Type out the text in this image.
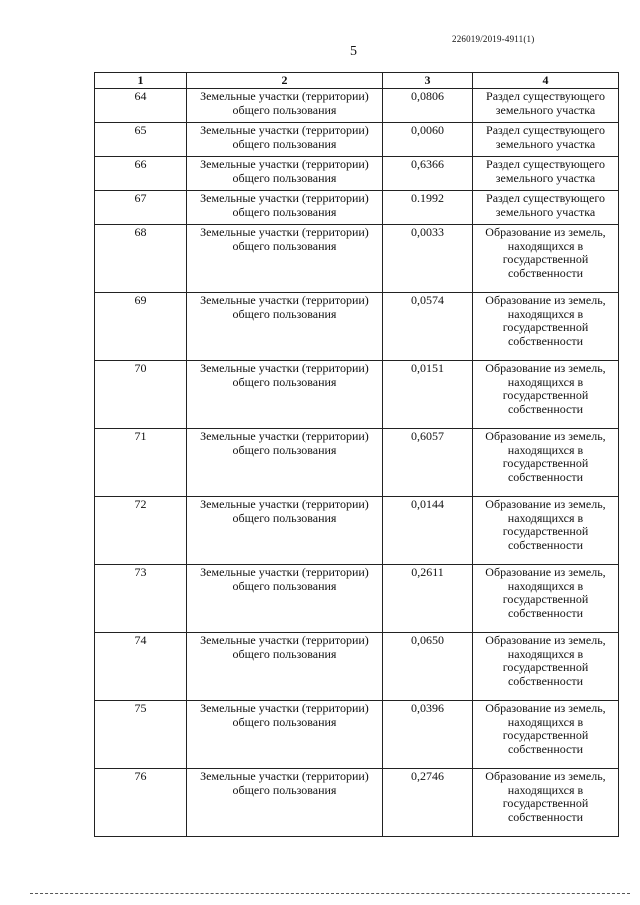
226019/2019-4911(1)
5
1	2	3	4
64	Земельные участки (территории) общего пользования	0,0806	Раздел существующего земельного участка
65	Земельные участки (территории) общего пользования	0,0060	Раздел существующего земельного участка
66	Земельные участки (территории) общего пользования	0,6366	Раздел существующего земельного участка
67	Земельные участки (территории) общего пользования	0.1992	Раздел существующего земельного участка
68	Земельные участки (территории) общего пользования	0,0033	Образование из земель, находящихся в государственной собственности
69	Земельные участки (территории) общего пользования	0,0574	Образование из земель, находящихся в государственной собственности
70	Земельные участки (территории) общего пользования	0,0151	Образование из земель, находящихся в государственной собственности
71	Земельные участки (территории) общего пользования	0,6057	Образование из земель, находящихся в государственной собственности
72	Земельные участки (территории) общего пользования	0,0144	Образование из земель, находящихся в государственной собственности
73	Земельные участки (территории) общего пользования	0,2611	Образование из земель, находящихся в государственной собственности
74	Земельные участки (территории) общего пользования	0,0650	Образование из земель, находящихся в государственной собственности
75	Земельные участки (территории) общего пользования	0,0396	Образование из земель, находящихся в государственной собственности
76	Земельные участки (территории) общего пользования	0,2746	Образование из земель, находящихся в государственной собственности
